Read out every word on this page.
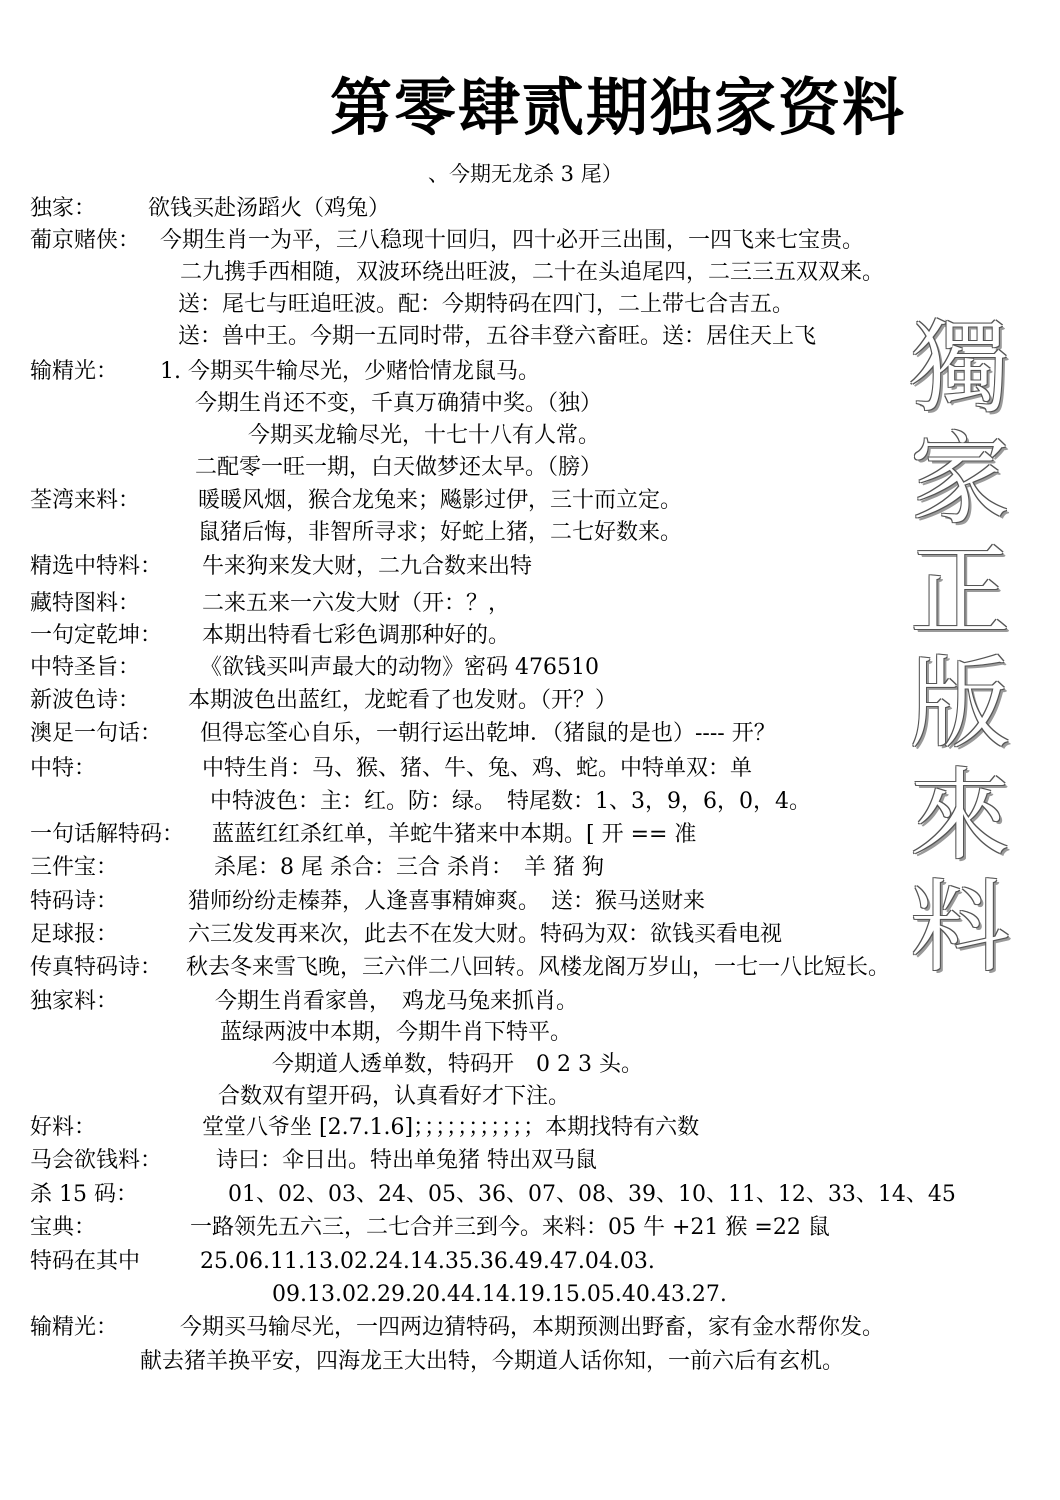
第零肆贰期独家资料
、今期无龙杀 3 尾）
獨
家
正
版
來
料
独家： 欲钱买赴汤蹈火（鸡兔）
葡京赌侠： 今期生肖一为平，三八稳现十回归，四十必开三出围，一四飞来七宝贵。
二九携手西相随，双波环绕出旺波，二十在头追尾四，二三三五双双来。
送：尾七与旺追旺波。配：今期特码在四门，二上带七合吉五。
送：兽中王。今期一五同时带，五谷丰登六畜旺。送：居住天上飞
输精光： 1. 今期买牛输尽光，少赌恰情龙鼠马。
今期生肖还不变，千真万确猜中奖。（独）
今期买龙输尽光，十七十八有人常。
二配零一旺一期，白天做梦还太早。（膀）
荃湾来料：	暖暖风烟，猴合龙兔来；飚影过伊，三十而立定。
鼠猪后悔，非智所寻求；好蛇上猪，二七好数来。
精选中特料： 牛来狗来发大财，二九合数来出特
藏特图料：	二来五来一六发大财（开：？，
一句定乾坤： 本期出特看七彩色调那种好的。
中特圣旨：	《欲钱买叫声最大的动物》密码 476510
新波色诗： 本期波色出蓝红，龙蛇看了也发财。（开？）
澳足一句话： 但得忘筌心自乐，一朝行运出乾坤．（猪鼠的是也）---- 开？
中特：	中特生肖：马、猴、猪、牛、兔、鸡、蛇。中特单双：单
中特波色：主：红。防：绿。　特尾数：1、3，9，6，0，4。
一句话解特码： 蓝蓝红红杀红单，羊蛇牛猪来中本期。[ 开 == 准
三件宝：	杀尾：8 尾 杀合：三合 杀肖：　羊 猪 狗
特码诗：	猎师纷纷走榛莽，人逢喜事精婶爽。　送：猴马送财来
足球报：	六三发发再来次，此去不在发大财。特码为双：欲钱买看电视
传真特码诗： 秋去冬来雪飞晚，三六伴二八回转。风楼龙阁万岁山，一七一八比短长。
独家料：	今期生肖看家兽，　鸡龙马兔来抓肖。
蓝绿两波中本期，今期牛肖下特平。
今期道人透单数，特码开　0 2 3 头。
合数双有望开码，认真看好才下注。
好料：	堂堂八爷坐 [2.7.1.6]；；；；；；；；；；；本期找特有六数
马会欲钱料： 诗曰：伞日出。特出单兔猪 特出双马鼠
杀 15 码：	01、02、03、24、05、36、07、08、39、10、11、12、33、14、45
宝典：	一路领先五六三，二七合并三到今。来料：05 牛 +21 猴 =22 鼠
特码在其中	25.06.11.13.02.24.14.35.36.49.47.04.03.
09.13.02.29.20.44.14.19.15.05.40.43.27.
输精光：	今期买马输尽光，一四两边猜特码，本期预测出野畜，家有金水帮你发。
献去猪羊换平安，四海龙王大出特，今期道人话你知，一前六后有玄机。
